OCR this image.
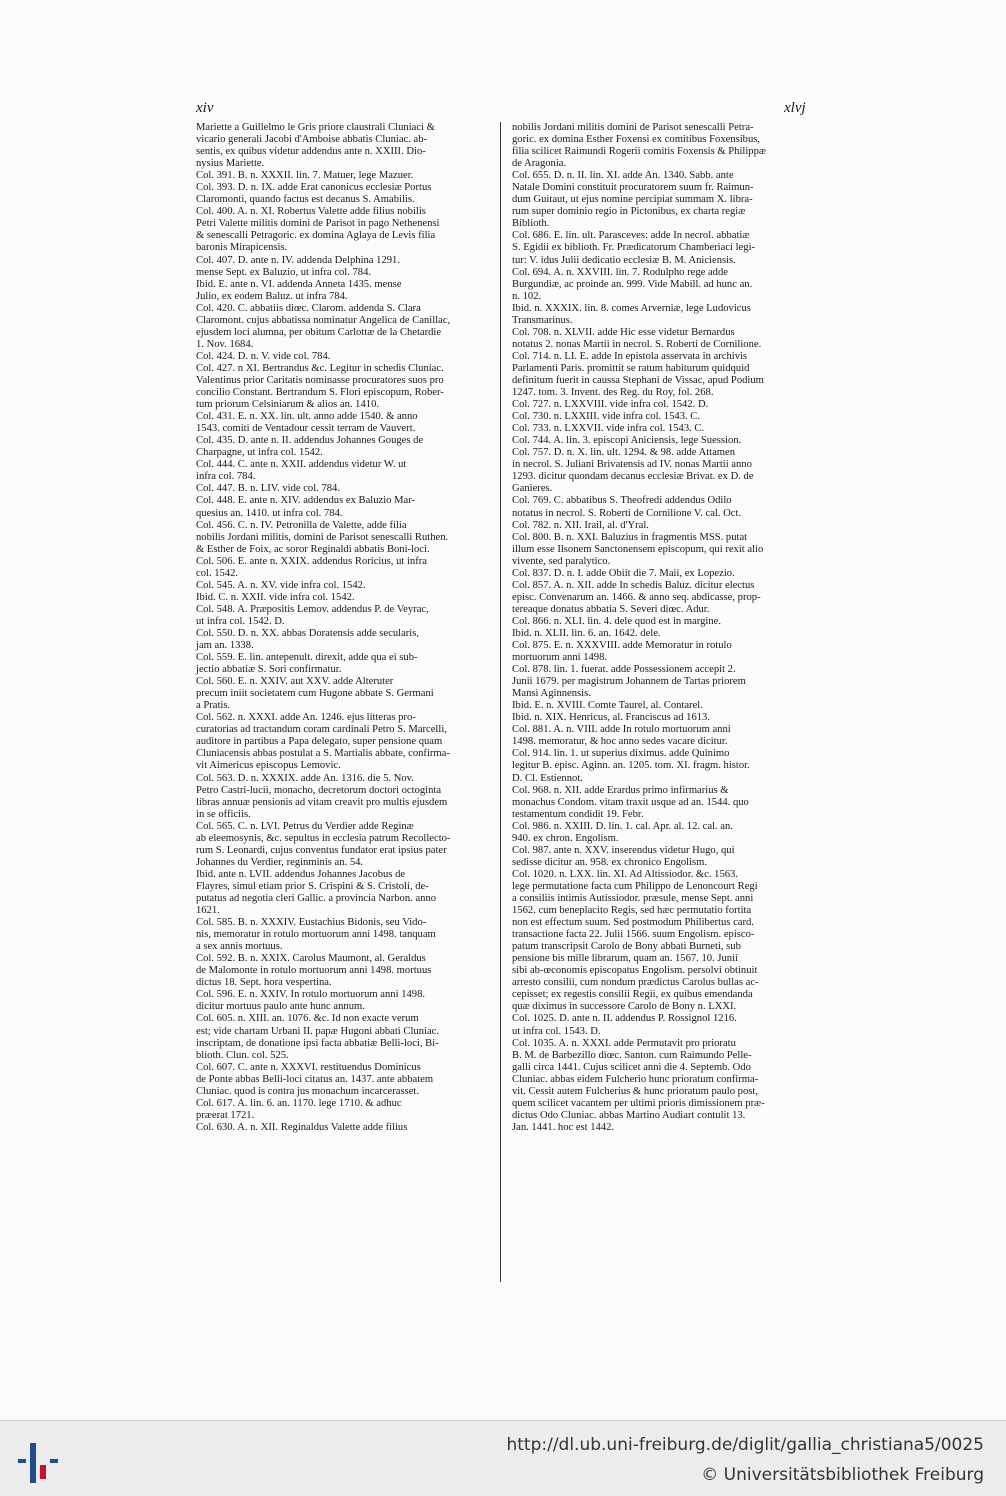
xiv	xlvj
Mariette a Guillelmo le Gris priore claustrali Cluniaci &
vicario generali Jacobi d'Amboise abbatis Cluniac. ab-
sentis, ex quibus videtur addendus ante n. XXIII. Dio-
nysius Mariette.
Col. 391. B. n. XXXII. lin. 7. Matuer, lege Mazuer.
Col. 393. D. n. IX. adde Erat canonicus ecclesiæ Portus
Claromonti, quando factus est decanus S. Amabilis.
Col. 400. A. n. XI. Robertus Valette adde filius nobilis
Petri Valette militis domini de Parisot in pago Nethenensi
& senescalli Petragoric. ex domina Aglaya de Levis filia
baronis Mirapicensis.
Col. 407. D. ante n. IV. addenda Delphina 1291.
mense Sept. ex Baluzio, ut infra col. 784.
Ibid. E. ante n. VI. addenda Anneta 1435. mense
Julio, ex eodem Baluz. ut infra 784.
Col. 420. C. abbatiis diœc. Clarom. addenda S. Clara
Claromont. cujus abbatissa nominatur Angelica de Canillac,
ejusdem loci alumna, per obitum Carlottæ de la Chetardie
1. Nov. 1684.
Col. 424. D. n. V. vide col. 784.
Col. 427. n XI. Bertrandus &c. Legitur in schedis Cluniac.
Valentinus prior Caritatis nominasse procuratores suos pro
concilio Constant. Bertrandum S. Flori episcopum, Rober-
tum priorum Celsiniarum & alios an. 1410.
Col. 431. E. n. XX. lin. ult. anno adde 1540. & anno
1543. comiti de Ventadour cessit terram de Vauvert.
Col. 435. D. ante n. II. addendus Johannes Gouges de
Charpagne, ut infra col. 1542.
Col. 444. C. ante n. XXII. addendus videtur W. ut
infra col. 784.
Col. 447. B. n. LIV. vide col. 784.
Col. 448. E. ante n. XIV. addendus ex Baluzio Mar-
quesius an. 1410. ut infra col. 784.
Col. 456. C. n. IV. Petronilla de Valette, adde filia
nobilis Jordani militis, domini de Parisot senescalli Ruthen.
& Esther de Foix, ac soror Reginaldi abbatis Boni-loci.
Col. 506. E. ante n. XXIX. addendus Roricius, ut infra
col. 1542.
Col. 545. A. n. XV. vide infra col. 1542.
Ibid. C. n. XXII. vide infra col. 1542.
Col. 548. A. Præpositis Lemov. addendus P. de Veyrac,
ut infra col. 1542. D.
Col. 550. D. n. XX. abbas Doratensis adde secularis,
jam an. 1338.
Col. 559. E. lin. antepenult. direxit, adde qua ei sub-
jectio abbatiæ S. Sori confirmatur.
Col. 560. E. n. XXIV. aut XXV. adde Alteruter
precum iniit societatem cum Hugone abbate S. Germani
a Pratis.
Col. 562. n. XXXI. adde An. 1246. ejus litteras pro-
curatorias ad tractandum coram cardinali Petro S. Marcelli,
auditore in partibus a Papa delegato, super pensione quam
Cluniacensis abbas postulat a S. Martialis abbate, confirma-
vit Aimericus episcopus Lemovic.
Col. 563. D. n. XXXIX. adde An. 1316. die 5. Nov.
Petro Castri-lucii, monacho, decretorum doctori octoginta
libras annuæ pensionis ad vitam creavit pro multis ejusdem
in se officiis.
Col. 565. C. n. LVI. Petrus du Verdier adde Reginæ
ab eleemosynis, &c. sepultus in ecclesia patrum Recollecto-
rum S. Leonardi, cujus conventus fundator erat ipsius pater
Johannes du Verdier, reginminis an. 54.
Ibid. ante n. LVII. addendus Johannes Jacobus de
Flayres, simul etiam prior S. Crispini & S. Cristoli, de-
putatus ad negotia cleri Gallic. a provincia Narbon. anno
1621.
Col. 585. B. n. XXXIV. Eustachius Bidonis, seu Vido-
nis, memoratur in rotulo mortuorum anni 1498. tanquam
a sex annis mortuus.
Col. 592. B. n. XXIX. Carolus Maumont, al. Geraldus
de Malomonte in rotulo mortuorum anni 1498. mortuus
dictus 18. Sept. hora vespertina.
Col. 596. E. n. XXIV. In rotulo mortuorum anni 1498.
dicitur mortuus paulo ante hunc annum.
Col. 605. n. XIII. an. 1076. &c. Id non exacte verum
est; vide chartam Urbani II. papæ Hugoni abbati Cluniac.
inscriptam, de donatione ipsi facta abbatiæ Belli-loci, Bi-
blioth. Clun. col. 525.
Col. 607. C. ante n. XXXVI. restituendus Dominicus
de Ponte abbas Belli-loci citatus an. 1437. ante abbatem
Cluniac. quod is contra jus monachum incarcerasset.
Col. 617. A. lin. 6. an. 1170. lege 1710. & adhuc
præerat 1721.
Col. 630. A. n. XII. Reginaldus Valette adde filius
nobilis Jordani militis domini de Parisot senescalli Petra-
goric. ex domina Esther Foxensi ex comitibus Foxensibus,
filia scilicet Raimundi Rogerii comitis Foxensis & Philippæ
de Aragonia.
Col. 655. D. n. II. lin. XI. adde An. 1340. Sabb. ante
Natale Domini constituit procuratorem suum fr. Raimun-
dum Guitaut, ut ejus nomine percipiat summam X. libra-
rum super dominio regio in Pictonibus, ex charta regiæ
Biblioth.
Col. 686. E. lin. ult. Parasceves: adde In necrol. abbatiæ
S. Egidii ex biblioth. Fr. Prædicatorum Chamberiaci legi-
tur: V. idus Julii dedicatio ecclesiæ B. M. Aniciensis.
Col. 694. A. n. XXVIII. lin. 7. Rodulpho rege adde
Burgundiæ, ac proinde an. 999. Vide Mabill. ad hunc an.
n. 102.
Ibid. n. XXXIX. lin. 8. comes Arverniæ, lege Ludovicus
Transmarinus.
Col. 708. n. XLVII. adde Hic esse videtur Bernardus
notatus 2. nonas Martii in necrol. S. Roberti de Cornilione.
Col. 714. n. LI. E. adde In epistola asservata in archivis
Parlamenti Paris. promittit se ratum habiturum quidquid
definitum fuerit in caussa Stephani de Vissac, apud Podium
1247. tom. 3. Invent. des Reg. du Roy, fol. 268.
Col. 727. n. LXXVIII. vide infra col. 1542. D.
Col. 730. n. LXXIII. vide infra col. 1543. C.
Col. 733. n. LXXVII. vide infra col. 1543. C.
Col. 744. A. lin. 3. episcopi Aniciensis, lege Suession.
Col. 757. D. n. X. lin. ult. 1294. & 98. adde Attamen
in necrol. S. Juliani Brivatensis ad IV. nonas Martii anno
1293. dicitur quondam decanus ecclesiæ Brivat. ex D. de
Ganieres.
Col. 769. C. abbatibus S. Theofredi addendus Odilo
notatus in necrol. S. Roberti de Cornilione V. cal. Oct.
Col. 782. n. XII. Irail, al. d'Yral.
Col. 800. B. n. XXI. Baluzius in fragmentis MSS. putat
illum esse Ilsonem Sanctonensem episcopum, qui rexit alio
vivente, sed paralytico.
Col. 837. D. n. I. adde Obiit die 7. Maii, ex Lopezio.
Col. 857. A. n. XII. adde In schedis Baluz. dicitur electus
episc. Convenarum an. 1466. & anno seq. abdicasse, prop-
tereaque donatus abbatia S. Severi diœc. Adur.
Col. 866. n. XLI. lin. 4. dele quod est in margine.
Ibid. n. XLII. lin. 6. an. 1642. dele.
Col. 875. E. n. XXXVIII. adde Memoratur in rotulo
mortuorum anni 1498.
Col. 878. lin. 1. fuerat. adde Possessionem accepit 2.
Junii 1679. per magistrum Johannem de Tartas priorem
Mansi Aginnensis.
Ibid. E. n. XVIII. Comte Taurel, al. Contarel.
Ibid. n. XIX. Henricus, al. Franciscus ad 1613.
Col. 881. A. n. VIII. adde In rotulo mortuorum anni
1498. memoratur, & hoc anno sedes vacare dicitur.
Col. 914. lin. 1. ut superius diximus. adde Quinimo
legitur B. episc. Aginn. an. 1205. tom. XI. fragm. histor.
D. Cl. Estiennot.
Col. 968. n. XII. adde Erardus primo infirmarius &
monachus Condom. vitam traxit usque ad an. 1544. quo
testamentum condidit 19. Febr.
Col. 986. n. XXIII. D. lin. 1. cal. Apr. al. 12. cal. an.
940. ex chron. Engolism.
Col. 987. ante n. XXV. inserendus videtur Hugo, qui
sedisse dicitur an. 958. ex chronico Engolism.
Col. 1020. n. LXX. lin. XI. Ad Altissiodor. &c. 1563.
lege permutatione facta cum Philippo de Lenoncourt Regi
a consiliis intimis Autissiodor. præsule, mense Sept. anni
1562. cum beneplacito Regis, sed hæc permutatio fortita
non est effectum suum. Sed postmodum Philibertus card.
transactione facta 22. Julii 1566. suum Engolism. episco-
patum transcripsit Carolo de Bony abbati Burneti, sub
pensione bis mille librarum, quam an. 1567. 10. Junii
sibi ab-œconomis episcopatus Engolism. persolvi obtinuit
arresto consilii, cum nondum prædictus Carolus bullas ac-
cepisset; ex regestis consilii Regii, ex quibus emendanda
quæ diximus in successore Carolo de Bony n. LXXI.
Col. 1025. D. ante n. II. addendus P. Rossignol 1216.
ut infra col. 1543. D.
Col. 1035. A. n. XXXI. adde Permutavit pro prioratu
B. M. de Barbezillo diœc. Santon. cum Raimundo Pelle-
galli circa 1441. Cujus scilicet anni die 4. Septemb. Odo
Cluniac. abbas eidem Fulcherio hunc prioratum confirma-
vit. Cessit autem Fulcherius & hunc prioratum paulo post,
quem scilicet vacantem per ultimi prioris dimissionem præ-
dictus Odo Cluniac. abbas Martino Audiart contulit 13.
Jan. 1441. hoc est 1442.
http://dl.ub.uni-freiburg.de/diglit/gallia_christiana5/0025
© Universitätsbibliothek Freiburg
